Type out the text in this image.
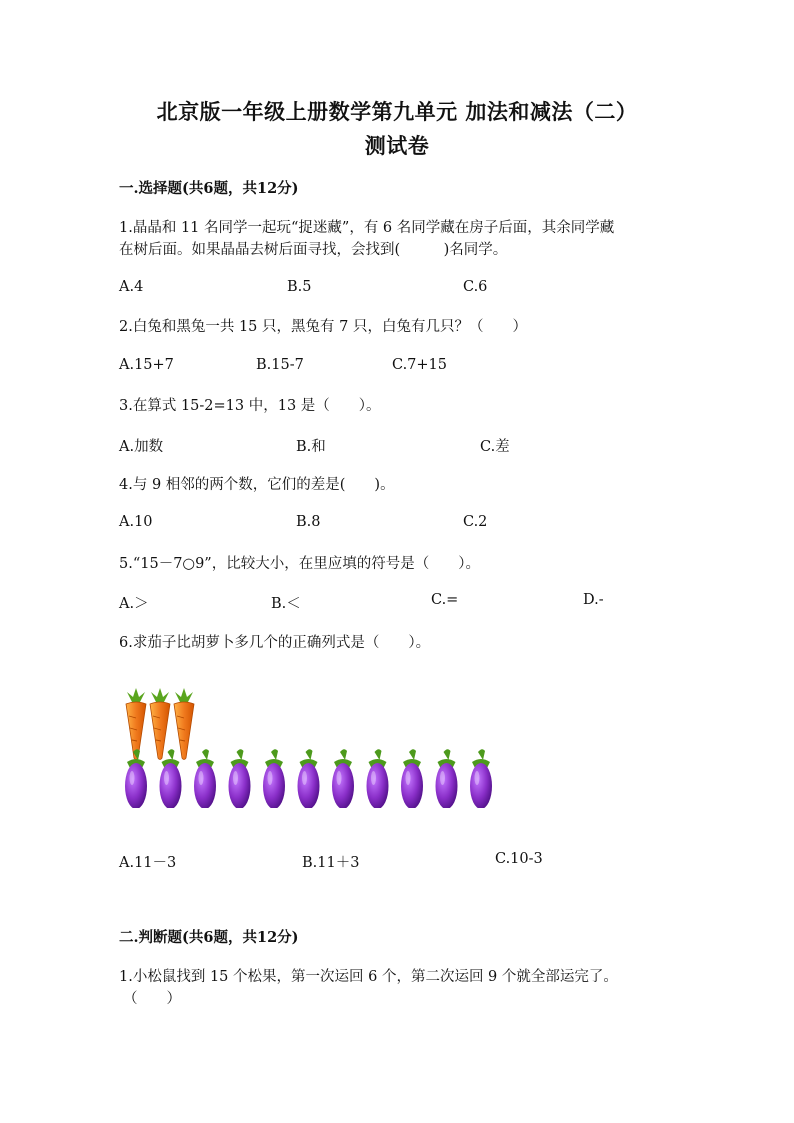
北京版一年级上册数学第九单元 加法和减法（二）
测试卷
一.选择题(共6题，共12分)
1.晶晶和 11 名同学一起玩“捉迷藏”，有 6 名同学藏在房子后面，其余同学藏
在树后面。如果晶晶去树后面寻找，会找到(　　　)名同学。
A.4	B.5	C.6
2.白兔和黑兔一共 15 只，黑兔有 7 只，白兔有几只？（　　）
A.15+7	B.15-7	C.7+15
3.在算式 15-2=13 中，13 是（　　）。
A.加数	B.和	C.差
4.与 9 相邻的两个数，它们的差是(　　)。
A.10	B.8	C.2
5.“15－7○9”，比较大小，在里应填的符号是（　　）。
A.＞	B.＜	C.=	D.-
6.求茄子比胡萝卜多几个的正确列式是（　　）。
A.11－3	B.11＋3	C.10-3
二.判断题(共6题，共12分)
1.小松鼠找到 15 个松果，第一次运回 6 个，第二次运回 9 个就全部运完了。
（　　）
